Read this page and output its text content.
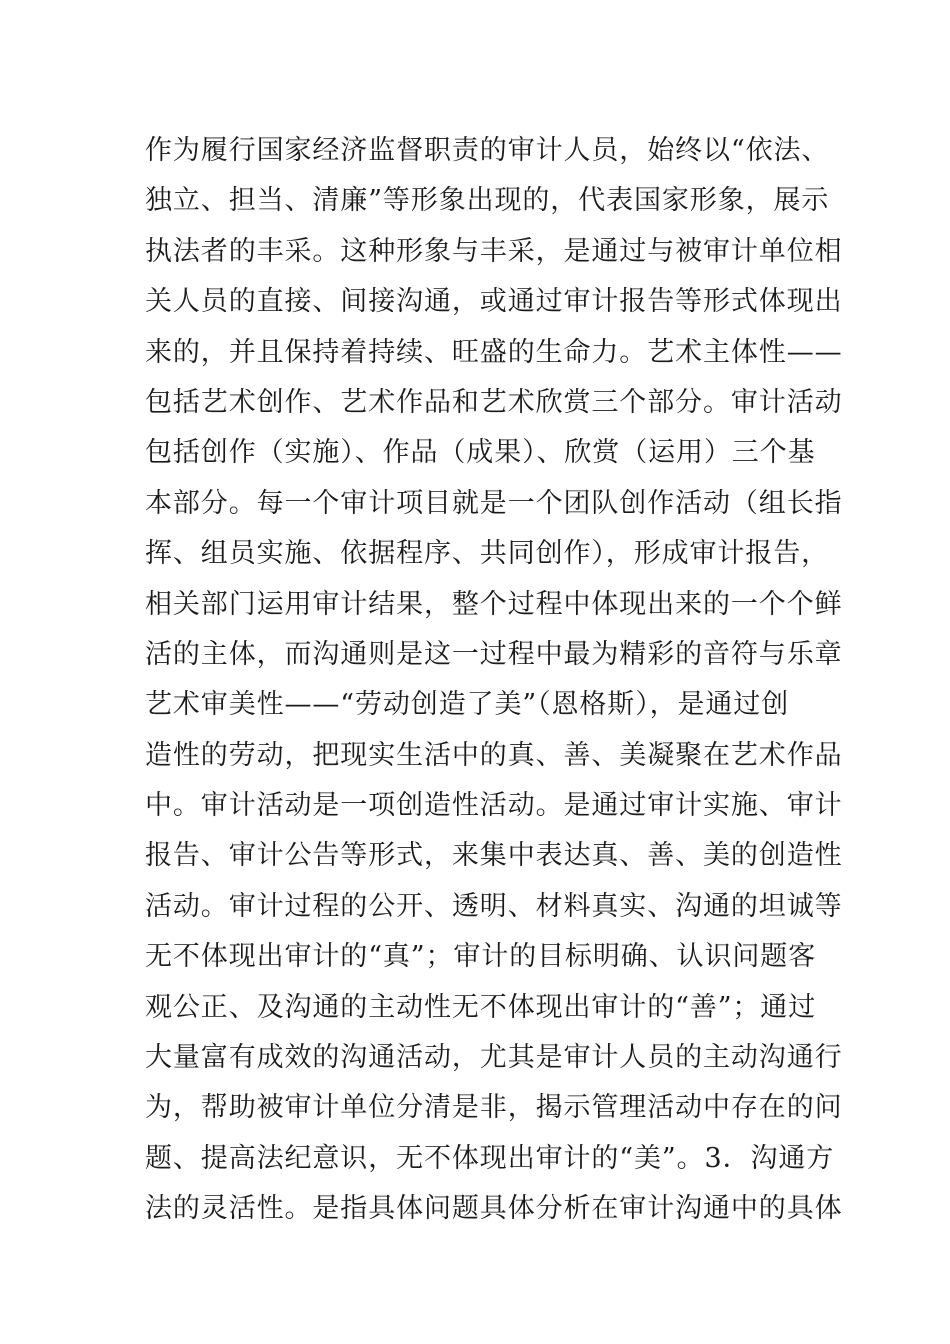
作为履行国家经济监督职责的审计人员，始终以“依法、
独立、担当、清廉”等形象出现的，代表国家形象，展示
执法者的丰采。这种形象与丰采，是通过与被审计单位相
关人员的直接、间接沟通，或通过审计报告等形式体现出
来的，并且保持着持续、旺盛的生命力。艺术主体性——
包括艺术创作、艺术作品和艺术欣赏三个部分。审计活动
包括创作（实施）、作品（成果）、欣赏（运用）三个基
本部分。每一个审计项目就是一个团队创作活动（组长指
挥、组员实施、依据程序、共同创作），形成审计报告，
相关部门运用审计结果，整个过程中体现出来的一个个鲜
活的主体，而沟通则是这一过程中最为精彩的音符与乐章
艺术审美性——“劳动创造了美”（恩格斯），是通过创
造性的劳动，把现实生活中的真、善、美凝聚在艺术作品
中。审计活动是一项创造性活动。是通过审计实施、审计
报告、审计公告等形式，来集中表达真、善、美的创造性
活动。审计过程的公开、透明、材料真实、沟通的坦诚等
无不体现出审计的“真”；审计的目标明确、认识问题客
观公正、及沟通的主动性无不体现出审计的“善”；通过
大量富有成效的沟通活动，尤其是审计人员的主动沟通行
为，帮助被审计单位分清是非，揭示管理活动中存在的问
题、提高法纪意识，无不体现出审计的“美”。3．沟通方
法的灵活性。是指具体问题具体分析在审计沟通中的具体
